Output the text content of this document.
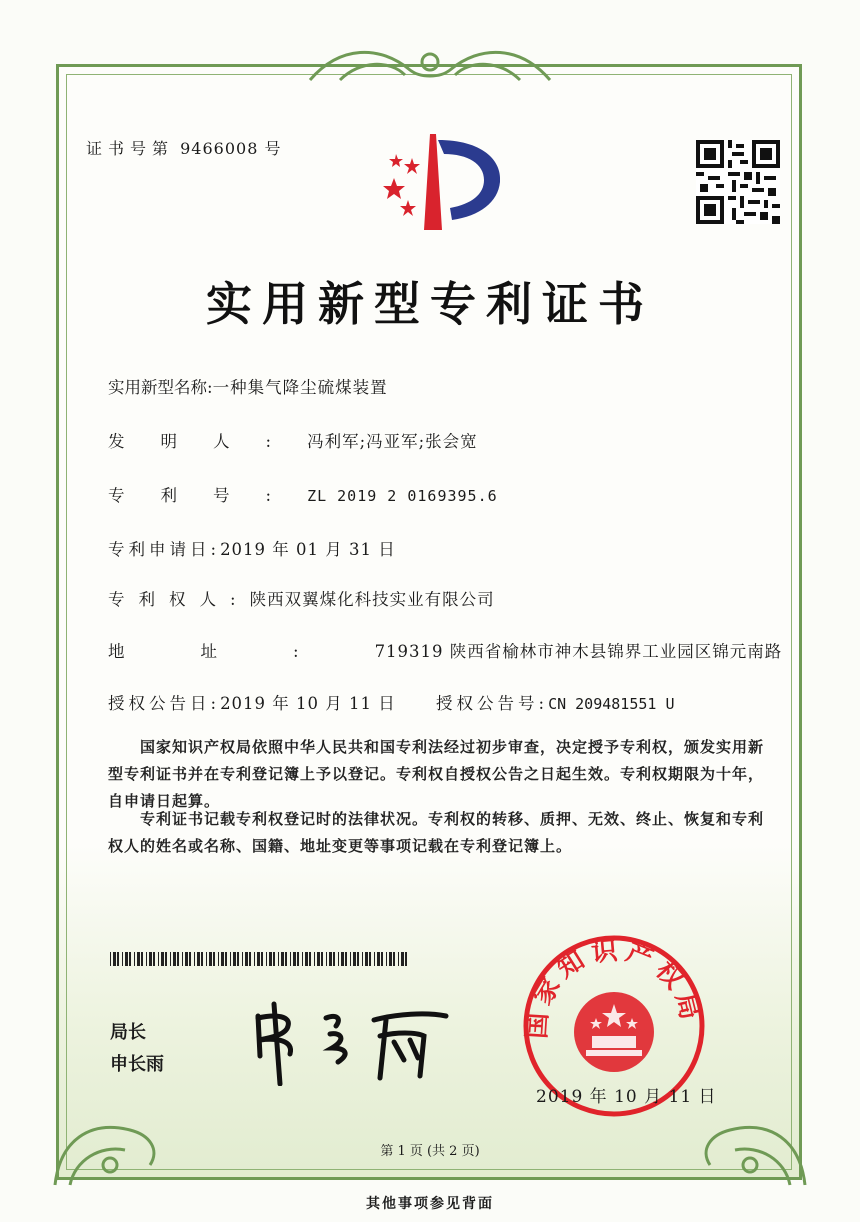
证书号第 9466008 号
实用新型专利证书
实用新型名称:一种集气降尘硫煤装置
发明人:冯利军;冯亚军;张会宽
专利号:ZL 2019 2 0169395.6
专利申请日:2019 年 01 月 31 日
专利权人:陕西双翼煤化科技实业有限公司
地址:719319 陕西省榆林市神木县锦界工业园区锦元南路
授权公告日:2019 年 10 月 11 日 授权公告号:CN 209481551 U
国家知识产权局依照中华人民共和国专利法经过初步审查，决定授予专利权，颁发实用新型专利证书并在专利登记簿上予以登记。专利权自授权公告之日起生效。专利权期限为十年，自申请日起算。
专利证书记载专利权登记时的法律状况。专利权的转移、质押、无效、终止、恢复和专利权人的姓名或名称、国籍、地址变更等事项记载在专利登记簿上。
局长
申长雨
国家知识产权局
2019 年 10 月 11 日
第 1 页 (共 2 页)
其他事项参见背面
